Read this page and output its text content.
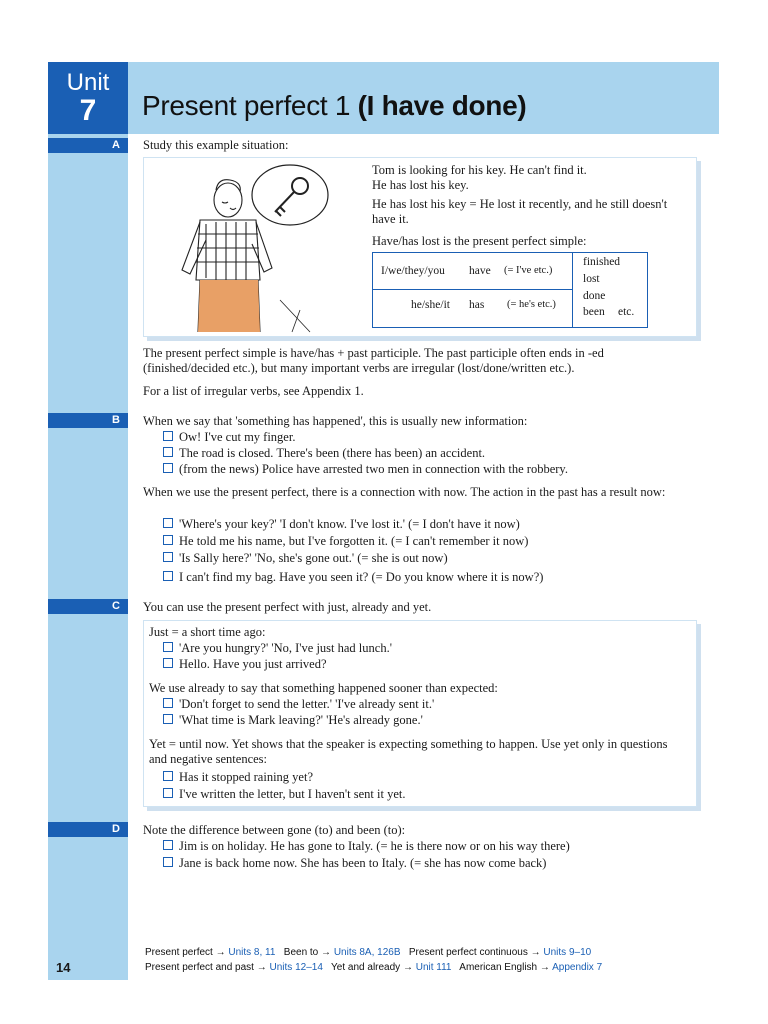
Unit
7	Present perfect 1 (I have done)
A	Study this example situation:
Tom is looking for his key. He can't find it.
He has lost his key.
He has lost his key = He lost it recently, and he still doesn't have it.
Have/has lost is the present perfect simple:
I/we/they/you have (= I've etc.)
he/she/it has (= he's etc.)
finished
lost
done
been etc.
The present perfect simple is have/has + past participle. The past participle often ends in -ed (finished/decided etc.), but many important verbs are irregular (lost/done/written etc.).
For a list of irregular verbs, see Appendix 1.
B	When we say that 'something has happened', this is usually new information:
Ow! I've cut my finger.
The road is closed. There's been (there has been) an accident.
(from the news) Police have arrested two men in connection with the robbery.
When we use the present perfect, there is a connection with now. The action in the past has a result now:
'Where's your key?' 'I don't know. I've lost it.' (= I don't have it now)
He told me his name, but I've forgotten it. (= I can't remember it now)
'Is Sally here?' 'No, she's gone out.' (= she is out now)
I can't find my bag. Have you seen it? (= Do you know where it is now?)
C	You can use the present perfect with just, already and yet.
Just = a short time ago:
'Are you hungry?' 'No, I've just had lunch.'
Hello. Have you just arrived?
We use already to say that something happened sooner than expected:
'Don't forget to send the letter.' 'I've already sent it.'
'What time is Mark leaving?' 'He's already gone.'
Yet = until now. Yet shows that the speaker is expecting something to happen. Use yet only in questions and negative sentences:
Has it stopped raining yet?
I've written the letter, but I haven't sent it yet.
D	Note the difference between gone (to) and been (to):
Jim is on holiday. He has gone to Italy. (= he is there now or on his way there)
Jane is back home now. She has been to Italy. (= she has now come back)
Present perfect → Units 8, 11   Been to → Units 8A, 126B   Present perfect continuous → Units 9–10
Present perfect and past → Units 12–14   Yet and already → Unit 111   American English → Appendix 7
14
